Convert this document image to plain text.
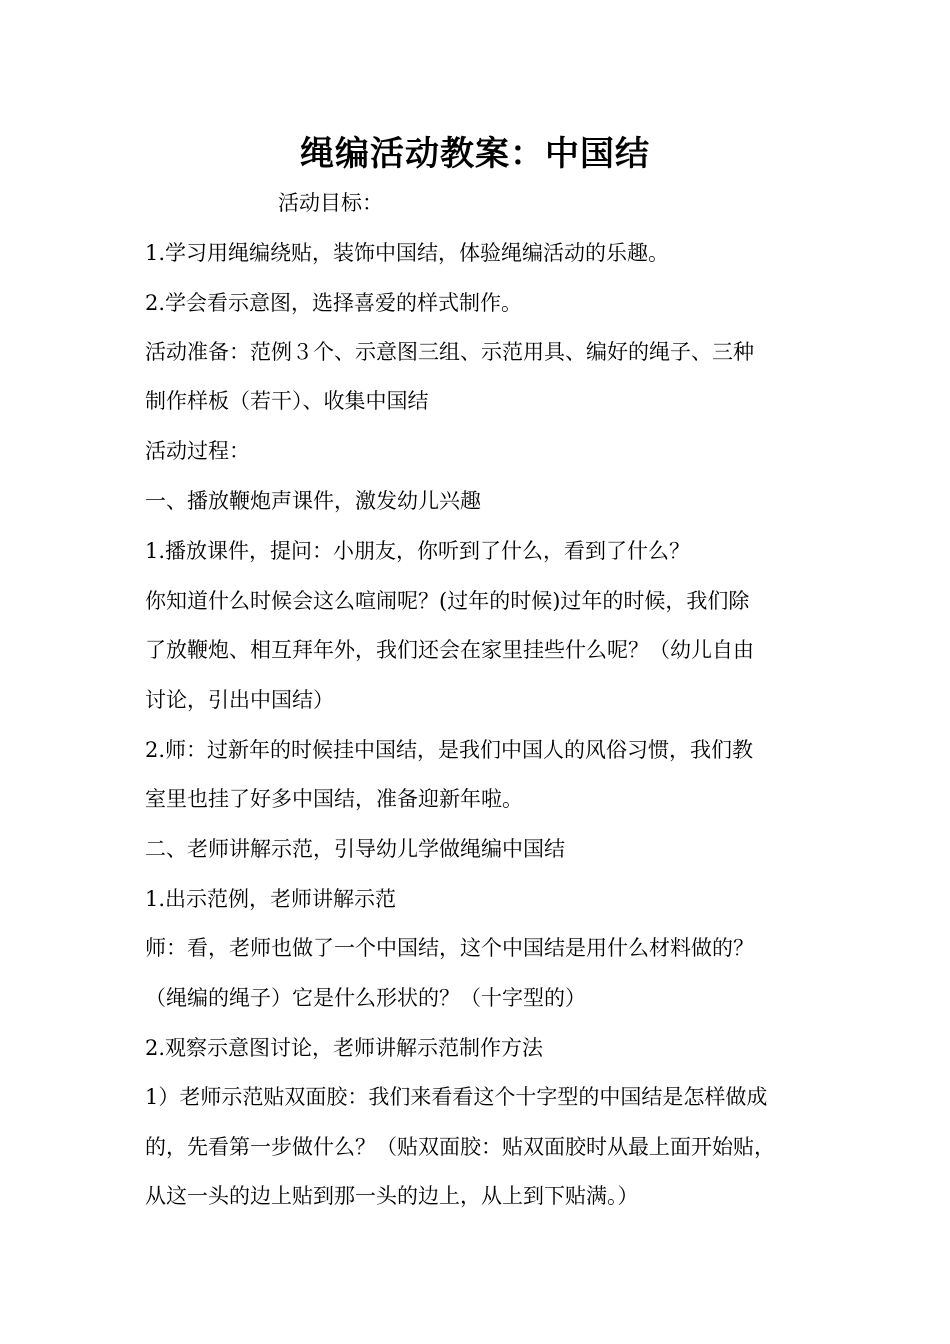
绳编活动教案：中国结
活动目标：
1.学习用绳编绕贴，装饰中国结，体验绳编活动的乐趣。
2.学会看示意图，选择喜爱的样式制作。
活动准备：范例３个、示意图三组、示范用具、编好的绳子、三种
制作样板（若干）、收集中国结
活动过程：
一、播放鞭炮声课件，激发幼儿兴趣
1.播放课件，提问：小朋友，你听到了什么，看到了什么？
你知道什么时候会这么喧闹呢？(过年的时候)过年的时候，我们除
了放鞭炮、相互拜年外，我们还会在家里挂些什么呢？（幼儿自由
讨论，引出中国结）
2.师：过新年的时候挂中国结，是我们中国人的风俗习惯，我们教
室里也挂了好多中国结，准备迎新年啦。
二、老师讲解示范，引导幼儿学做绳编中国结
1.出示范例，老师讲解示范
师：看，老师也做了一个中国结，这个中国结是用什么材料做的？
（绳编的绳子）它是什么形状的？（十字型的）
2.观察示意图讨论，老师讲解示范制作方法
1）老师示范贴双面胶：我们来看看这个十字型的中国结是怎样做成
的，先看第一步做什么？（贴双面胶：贴双面胶时从最上面开始贴，
从这一头的边上贴到那一头的边上，从上到下贴满。）
